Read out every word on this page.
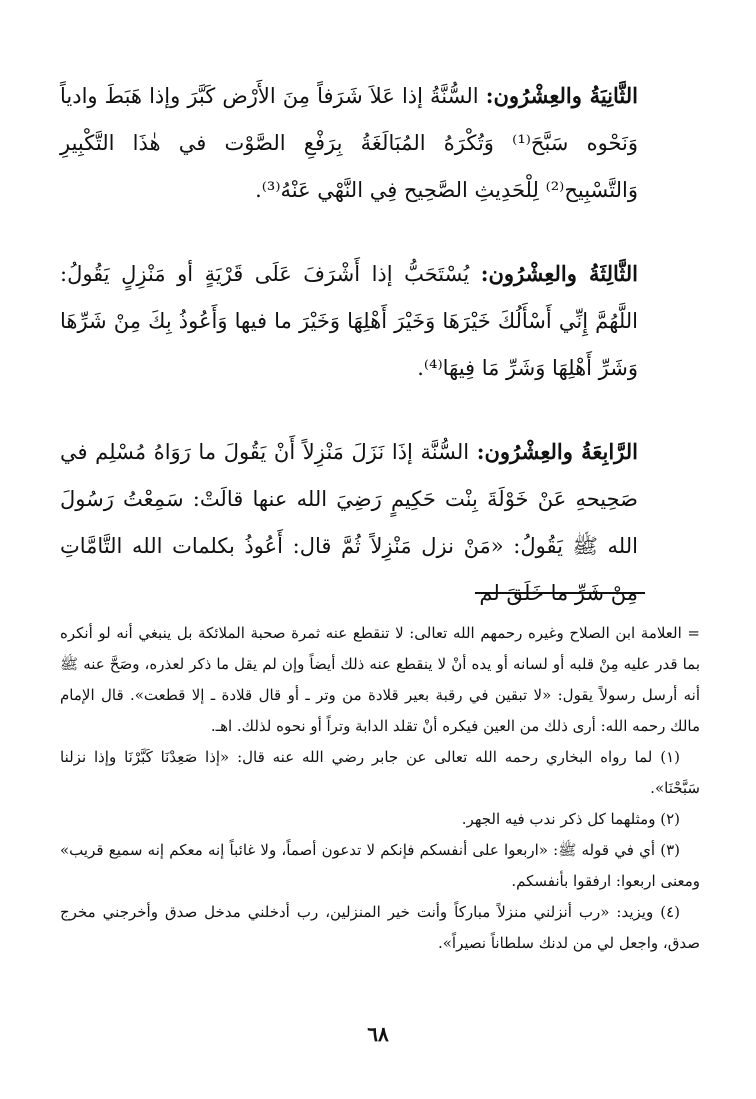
الثَّانِيَةُ والعِشْرُون: السُّنَّةُ إذا عَلاَ شَرَفاً مِنَ الأَرْض كَبَّرَ وإذا هَبَطَ وادياً وَنَحْوه سَبَّحَ⁽¹⁾ وَتُكْرَهُ المُبَالَغَةُ بِرَفْعِ الصَّوْت في هٰذَا التَّكْبِيرِ وَالتَّسْبِيح⁽²⁾ لِلْحَدِيثِ الصَّحِيح فِي النَّهْي عَنْهُ⁽³⁾.

الثَّالِثَةُ والعِشْرُون: يُسْتَحَبُّ إذا أَشْرَفَ عَلَى قَرْيَةٍ أو مَنْزِلٍ يَقُولُ: اللَّهُمَّ إِنِّي أَسْأَلُكَ خَيْرَهَا وَخَيْرَ أَهْلِهَا وَخَيْرَ ما فيها وَأَعُوذُ بِكَ مِنْ شَرِّهَا وَشَرِّ أَهْلِهَا وَشَرِّ مَا فِيهَا⁽⁴⁾.

الرَّابِعَةُ والعِشْرُون: السُّنَّة إذَا نَزَلَ مَنْزِلاً أَنْ يَقُولَ ما رَوَاهُ مُسْلِم في صَحِيحهِ عَنْ خَوْلَةَ بِنْت حَكِيمٍ رَضِيَ الله عنها قالَتْ: سَمِعْتُ رَسُولَ الله ﷺ يَقُولُ: «مَنْ نزل مَنْزِلاً ثُمَّ قال: أَعُوذُ بكلمات الله التَّامَّاتِ مِنْ شَرِّ ما خَلَقَ لم

= العلامة ابن الصلاح وغيره رحمهم الله تعالى: لا تنقطع عنه ثمرة صحبة الملائكة بل ينبغي أنه لو أنكره بما قدر عليه مِنْ قلبه أو لسانه أو يده أنْ لا ينقطع عنه ذلك أيضاً وإن لم يقل ما ذكر لعذره، وصَحَّ عنه ﷺ أنه أرسل رسولاً يقول: «لا تبقين في رقبة بعير قلادة من وتر ـ أو قال قلادة ـ إلا قطعت». قال الإمام مالك رحمه الله: أرى ذلك من العين فيكره أنْ تقلد الدابة وتراً أو نحوه لذلك. اهـ.

(١) لما رواه البخاري رحمه الله تعالى عن جابر رضي الله عنه قال: «إذا صَعِدْنَا كَبَّرْنَا وإذا نزلنا سَبَّحْنَا».

(٢) ومثلهما كل ذكر ندب فيه الجهر.

(٣) أي في قوله ﷺ: «اربعوا على أنفسكم فإنكم لا تدعون أصماً، ولا غائباً إنه معكم إنه سميع قريب» ومعنى اربعوا: ارفقوا بأنفسكم.

(٤) ويزيد: «رب أنزلني منزلاً مباركاً وأنت خير المنزلين، رب أدخلني مدخل صدق وأخرجني مخرج صدق، واجعل لي من لدنك سلطاناً نصيراً».

٦٨
